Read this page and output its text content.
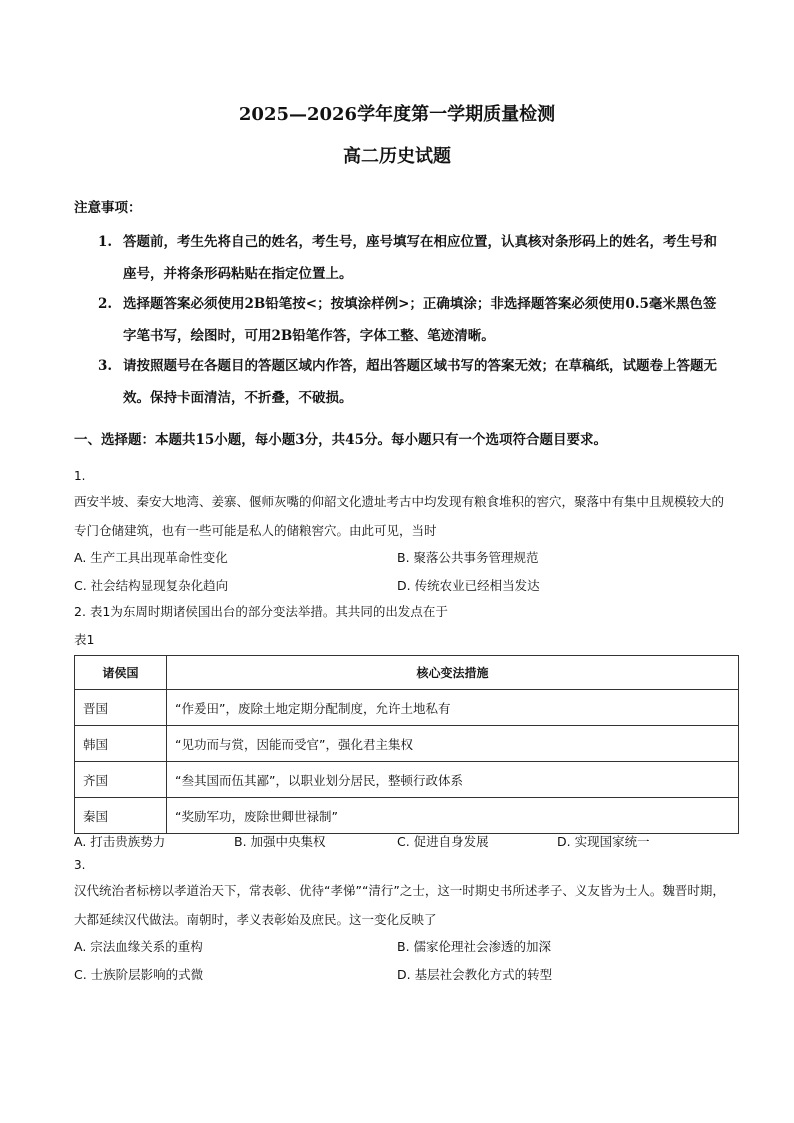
2025—2026学年度第一学期质量检测
高二历史试题
注意事项：
1. 答题前，考生先将自己的姓名，考生号，座号填写在相应位置，认真核对条形码上的姓名，考生号和座号，并将条形码粘贴在指定位置上。
2. 选择题答案必须使用2B铅笔按<；按填涂样例>；正确填涂；非选择题答案必须使用0.5毫米黑色签字笔书写，绘图时，可用2B铅笔作答，字体工整、笔迹清晰。
3. 请按照题号在各题目的答题区域内作答，超出答题区域书写的答案无效；在草稿纸，试题卷上答题无效。保持卡面清洁，不折叠，不破损。
一、选择题：本题共15小题，每小题3分，共45分。每小题只有一个选项符合题目要求。
1.
西安半坡、秦安大地湾、姜寨、偃师灰嘴的仰韶文化遗址考古中均发现有粮食堆积的窖穴，聚落中有集中且规模较大的专门仓储建筑，也有一些可能是私人的储粮窖穴。由此可见，当时
A. 生产工具出现革命性变化	B. 聚落公共事务管理规范
C. 社会结构显现复杂化趋向	D. 传统农业已经相当发达
2. 表1为东周时期诸侯国出台的部分变法举措。其共同的出发点在于
表1
诸侯国	核心变法措施
晋国	“作爰田”，废除土地定期分配制度，允许土地私有
韩国	“见功而与赏，因能而受官”，强化君主集权
齐国	“叁其国而伍其鄙”，以职业划分居民，整顿行政体系
秦国	“奖励军功，废除世卿世禄制”
A. 打击贵族势力	B. 加强中央集权	C. 促进自身发展	D. 实现国家统一
3.
汉代统治者标榜以孝道治天下，常表彰、优待“孝悌”“清行”之士，这一时期史书所述孝子、义友皆为士人。魏晋时期，大都延续汉代做法。南朝时，孝义表彰始及庶民。这一变化反映了
A. 宗法血缘关系的重构	B. 儒家伦理社会渗透的加深
C. 士族阶层影响的式微	D. 基层社会教化方式的转型
